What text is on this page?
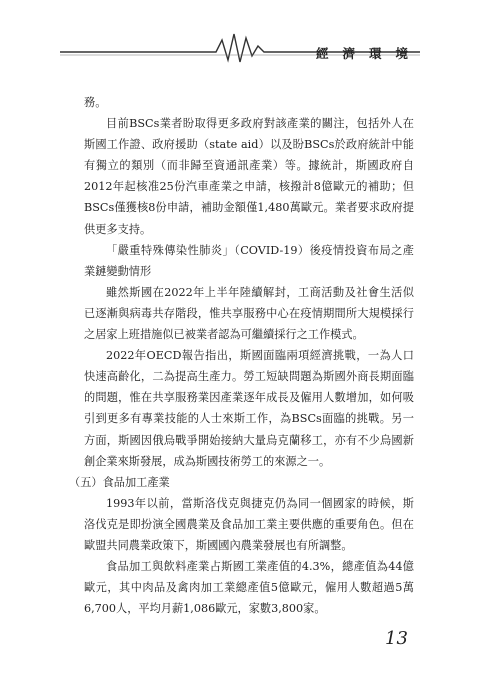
經濟環境

務。

目前BSCs業者盼取得更多政府對該產業的關注，包括外人在斯國工作證、政府援助（state aid）以及盼BSCs於政府統計中能有獨立的類別（而非歸至資通訊產業）等。據統計，斯國政府自2012年起核准25份汽車產業之申請，核撥計8億歐元的補助；但BSCs僅獲核8份申請，補助金額僅1,480萬歐元。業者要求政府提供更多支持。

「嚴重特殊傳染性肺炎」（COVID-19）後疫情投資布局之產業鏈變動情形

雖然斯國在2022年上半年陸續解封，工商活動及社會生活似已逐漸與病毒共存階段，惟共享服務中心在疫情期間所大規模採行之居家上班措施似已被業者認為可繼續採行之工作模式。

2022年OECD報告指出，斯國面臨兩項經濟挑戰，一為人口快速高齡化，二為提高生產力。勞工短缺問題為斯國外商長期面臨的問題，惟在共享服務業因產業逐年成長及僱用人數增加，如何吸引到更多有專業技能的人士來斯工作，為BSCs面臨的挑戰。另一方面，斯國因俄烏戰爭開始接納大量烏克蘭移工，亦有不少烏國新創企業來斯發展，成為斯國技術勞工的來源之一。

（五）食品加工產業

1993年以前，當斯洛伐克與捷克仍為同一個國家的時候，斯洛伐克是即扮演全國農業及食品加工業主要供應的重要角色。但在歐盟共同農業政策下，斯國國內農業發展也有所調整。

食品加工與飲料產業占斯國工業產值的4.3%，總產值為44億歐元，其中肉品及禽肉加工業總產值5億歐元，僱用人數超過5萬6,700人，平均月薪1,086歐元，家數3,800家。

13
